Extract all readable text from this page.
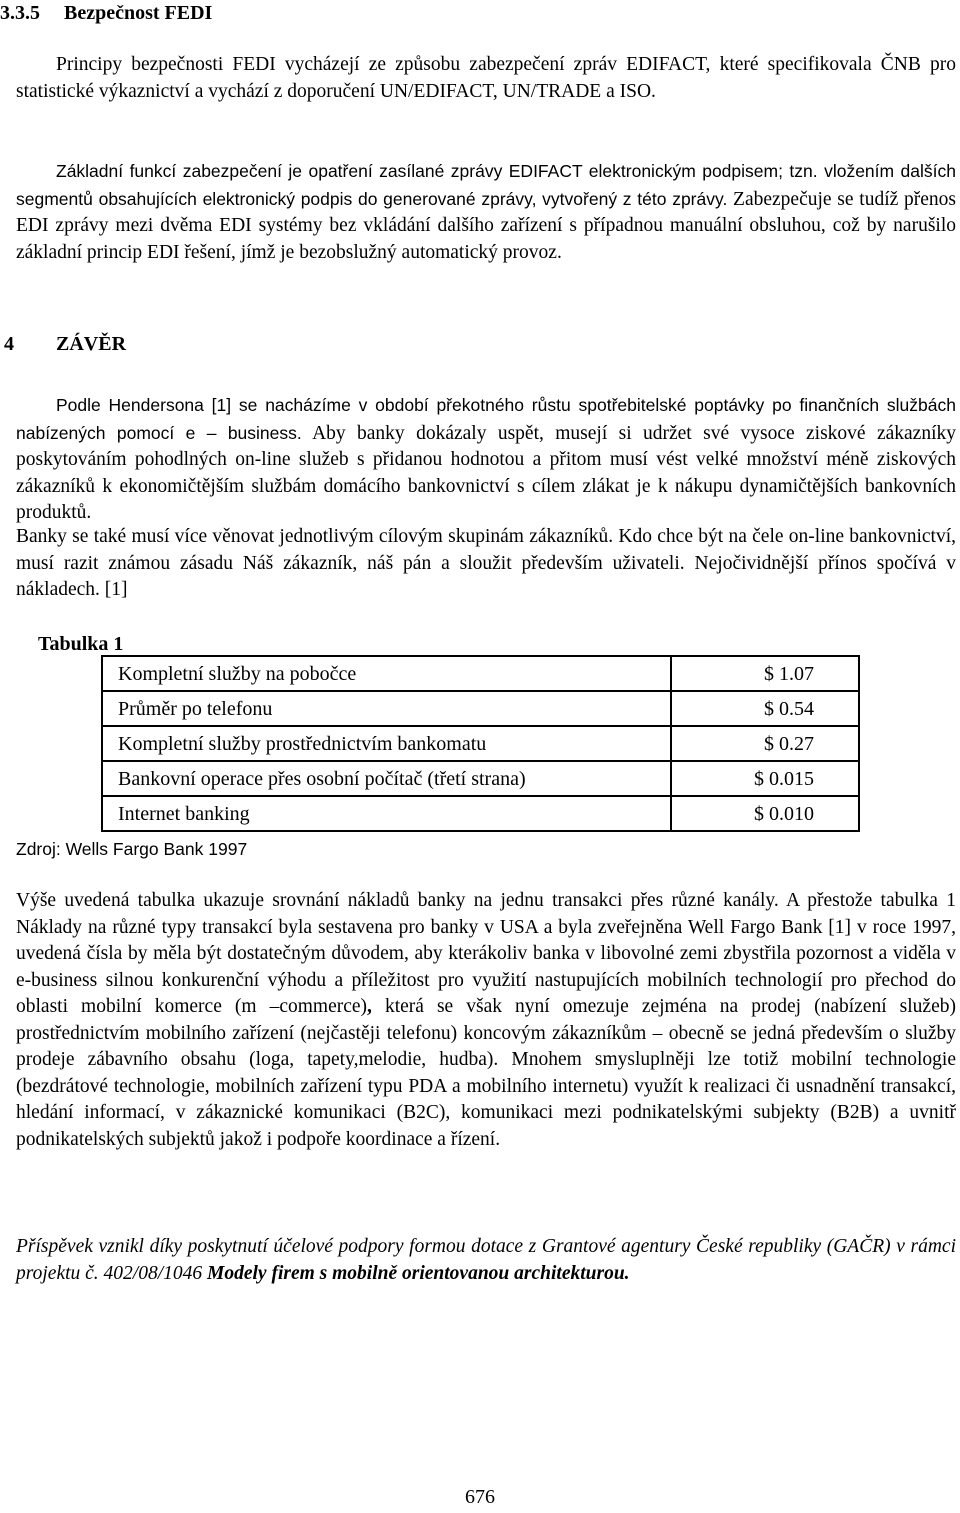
3.3.5 Bezpečnost FEDI
Principy bezpečnosti FEDI vycházejí ze způsobu zabezpečení zpráv EDIFACT, které specifikovala ČNB pro statistické výkaznictví a vychází z doporučení UN/EDIFACT, UN/TRADE a ISO.
Základní funkcí zabezpečení je opatření zasílané zprávy EDIFACT elektronickým podpisem; tzn. vložením dalších segmentů obsahujících elektronický podpis do generované zprávy, vytvořený z této zprávy. Zabezpečuje se tudíž přenos EDI zprávy mezi dvěma EDI systémy bez vkládání dalšího zařízení s případnou manuální obsluhou, což by narušilo základní princip EDI řešení, jímž je bezobslužný automatický provoz.
4 ZÁVĚR
Podle Hendersona [1] se nacházíme v období překotného růstu spotřebitelské poptávky po finančních službách nabízených pomocí e – business. Aby banky dokázaly uspět, musejí si udržet své vysoce ziskové zákazníky poskytováním pohodlných on-line služeb s přidanou hodnotou a přitom musí vést velké množství méně ziskových zákazníků k ekonomičtějším službám domácího bankovnictví s cílem zlákat je k nákupu dynamičtějších bankovních produktů.
Banky se také musí více věnovat jednotlivým cílovým skupinám zákazníků. Kdo chce být na čele on-line bankovnictví, musí razit známou zásadu Náš zákazník, náš pán a sloužit především uživateli. Nejočividnější přínos spočívá v nákladech. [1]
Tabulka 1
Kompletní služby na pobočce	$ 1.07
Průměr po telefonu	$ 0.54
Kompletní služby prostřednictvím bankomatu	$ 0.27
Bankovní operace přes osobní počítač (třetí strana)	$ 0.015
Internet banking	$ 0.010
Zdroj: Wells Fargo Bank 1997
Výše uvedená tabulka ukazuje srovnání nákladů banky na jednu transakci přes různé kanály. A přestože tabulka 1 Náklady na různé typy transakcí byla sestavena pro banky v USA a byla zveřejněna Well Fargo Bank [1] v roce 1997, uvedená čísla by měla být dostatečným důvodem, aby kterákoliv banka v libovolné zemi zbystřila pozornost a viděla v e-business silnou konkurenční výhodu a příležitost pro využití nastupujících mobilních technologií pro přechod do oblasti mobilní komerce (m –commerce), která se však nyní omezuje zejména na prodej (nabízení služeb) prostřednictvím mobilního zařízení (nejčastěji telefonu) koncovým zákazníkům – obecně se jedná především o služby prodeje zábavního obsahu (loga, tapety,melodie, hudba). Mnohem smysluplněji lze totiž mobilní technologie (bezdrátové technologie, mobilních zařízení typu PDA a mobilního internetu) využít k realizaci či usnadnění transakcí, hledání informací, v zákaznické komunikaci (B2C), komunikaci mezi podnikatelskými subjekty (B2B) a uvnitř podnikatelských subjektů jakož i podpoře koordinace a řízení.
Příspěvek vznikl díky poskytnutí účelové podpory formou dotace z Grantové agentury České republiky (GAČR) v rámci projektu č. 402/08/1046 Modely firem s mobilně orientovanou architekturou.
676
